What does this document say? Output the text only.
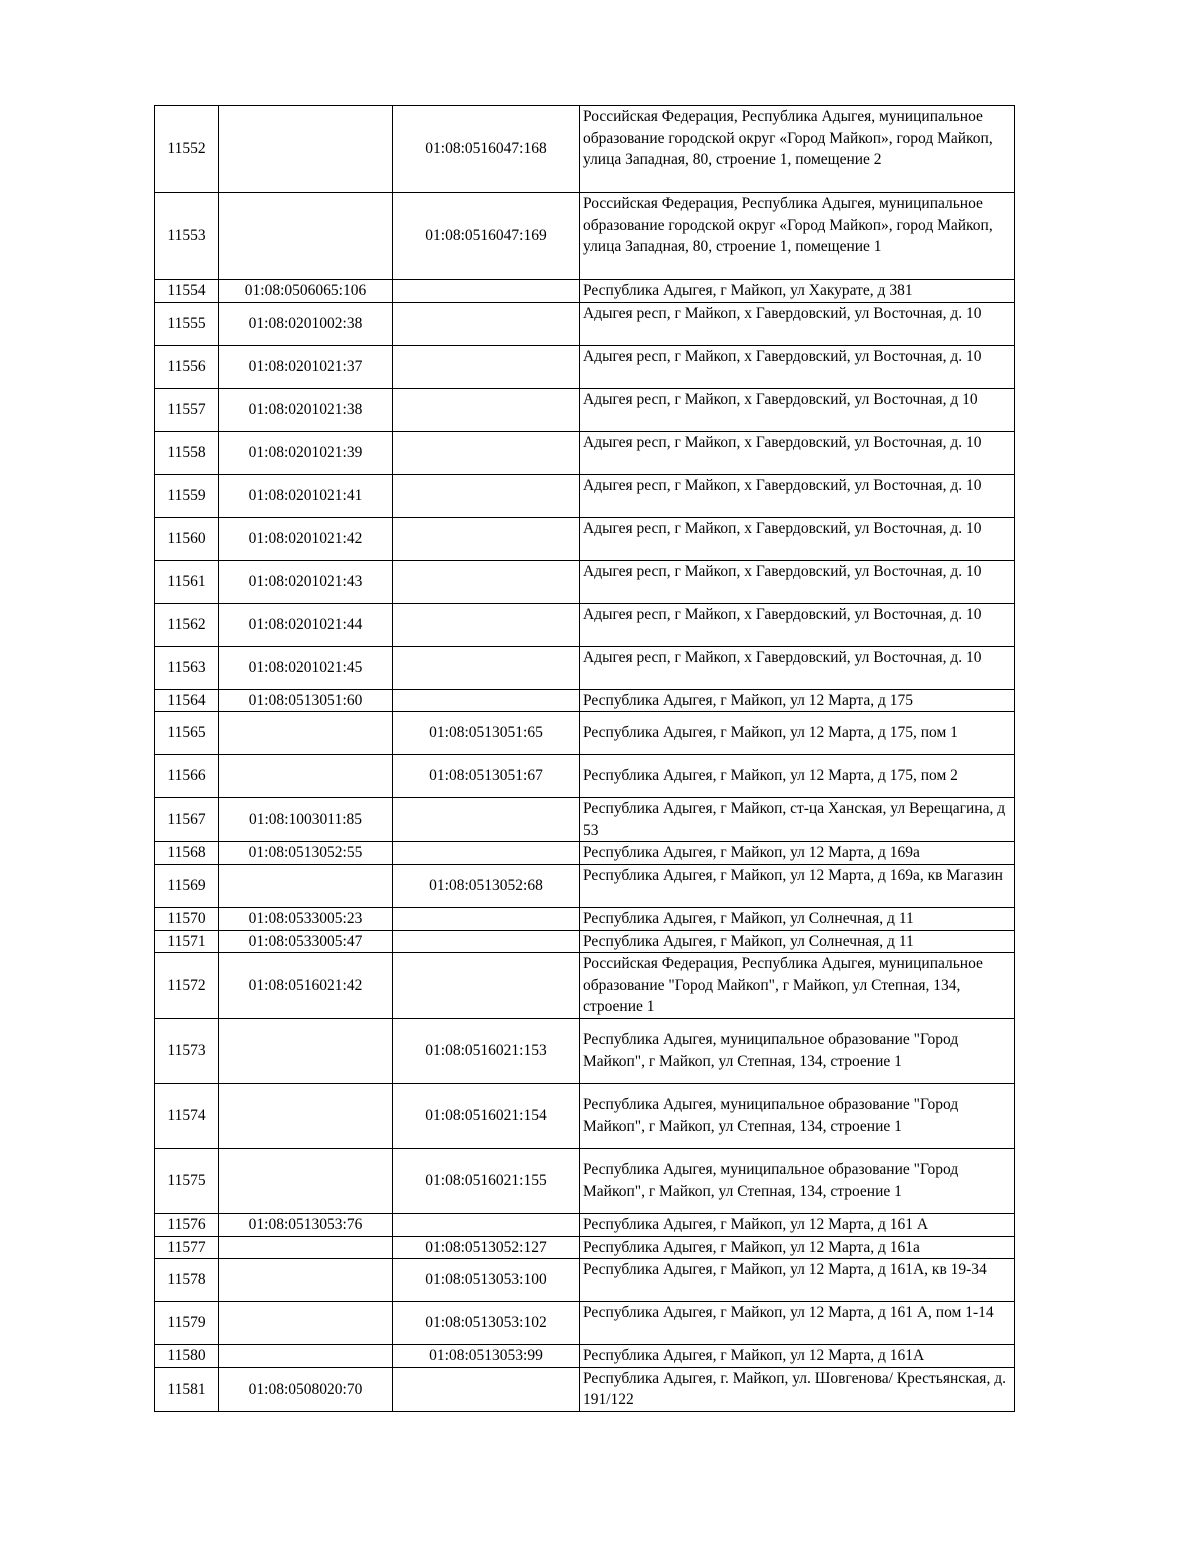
11552		01:08:0516047:168	Российская Федерация, Республика Адыгея, муниципальное образование городской округ «Город Майкоп», город Майкоп, улица Западная, 80, строение 1, помещение 2
11553		01:08:0516047:169	Российская Федерация, Республика Адыгея, муниципальное образование городской округ «Город Майкоп», город Майкоп, улица Западная, 80, строение 1, помещение 1
11554	01:08:0506065:106		Республика Адыгея, г Майкоп, ул Хакурате, д 381
11555	01:08:0201002:38		Адыгея респ, г Майкоп, х Гавердовский, ул Восточная, д. 10
11556	01:08:0201021:37		Адыгея респ, г Майкоп, х Гавердовский, ул Восточная, д. 10
11557	01:08:0201021:38		Адыгея респ, г Майкоп, х Гавердовский, ул Восточная, д 10
11558	01:08:0201021:39		Адыгея респ, г Майкоп, х Гавердовский, ул Восточная, д. 10
11559	01:08:0201021:41		Адыгея респ, г Майкоп, х Гавердовский, ул Восточная, д. 10
11560	01:08:0201021:42		Адыгея респ, г Майкоп, х Гавердовский, ул Восточная, д. 10
11561	01:08:0201021:43		Адыгея респ, г Майкоп, х Гавердовский, ул Восточная, д. 10
11562	01:08:0201021:44		Адыгея респ, г Майкоп, х Гавердовский, ул Восточная, д. 10
11563	01:08:0201021:45		Адыгея респ, г Майкоп, х Гавердовский, ул Восточная, д. 10
11564	01:08:0513051:60		Республика Адыгея, г Майкоп, ул 12 Марта, д 175
11565		01:08:0513051:65	Республика Адыгея, г Майкоп, ул 12 Марта, д 175, пом 1
11566		01:08:0513051:67	Республика Адыгея, г Майкоп, ул 12 Марта, д 175, пом 2
11567	01:08:1003011:85		Республика Адыгея, г Майкоп, ст-ца Ханская, ул Верещагина, д 53
11568	01:08:0513052:55		Республика Адыгея, г Майкоп, ул 12 Марта, д 169а
11569		01:08:0513052:68	Республика Адыгея, г Майкоп, ул 12 Марта, д 169а, кв Магазин
11570	01:08:0533005:23		Республика Адыгея, г Майкоп, ул Солнечная, д 11
11571	01:08:0533005:47		Республика Адыгея, г Майкоп, ул Солнечная, д 11
11572	01:08:0516021:42		Российская Федерация, Республика Адыгея, муниципальное образование "Город Майкоп", г Майкоп, ул Степная, 134, строение 1
11573		01:08:0516021:153	Республика Адыгея, муниципальное образование "Город Майкоп", г Майкоп, ул Степная, 134, строение 1
11574		01:08:0516021:154	Республика Адыгея, муниципальное образование "Город Майкоп", г Майкоп, ул Степная, 134, строение 1
11575		01:08:0516021:155	Республика Адыгея, муниципальное образование "Город Майкоп", г Майкоп, ул Степная, 134, строение 1
11576	01:08:0513053:76		Республика Адыгея, г Майкоп, ул 12 Марта, д 161 А
11577		01:08:0513052:127	Республика Адыгея, г Майкоп, ул 12 Марта, д 161а
11578		01:08:0513053:100	Республика Адыгея, г Майкоп, ул 12 Марта, д 161А, кв 19-34
11579		01:08:0513053:102	Республика Адыгея, г Майкоп, ул 12 Марта, д 161 А, пом 1-14
11580		01:08:0513053:99	Республика Адыгея, г Майкоп, ул 12 Марта, д 161А
11581	01:08:0508020:70		Республика Адыгея, г. Майкоп, ул. Шовгенова/ Крестьянская, д. 191/122
